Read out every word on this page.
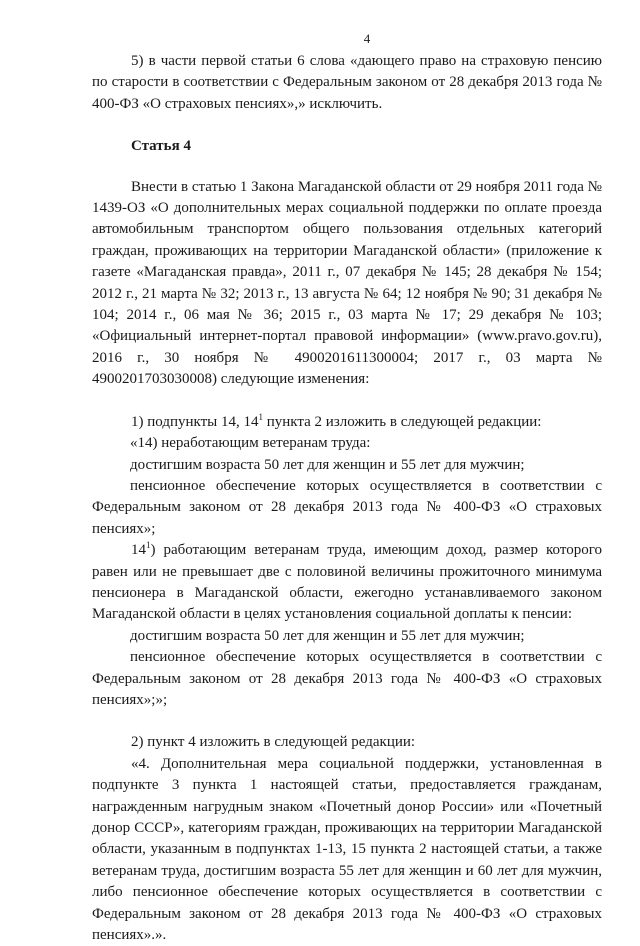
4

5) в части первой статьи 6 слова «дающего право на страховую пенсию по старости в соответствии с Федеральным законом от 28 декабря 2013 года № 400-ФЗ «О страховых пенсиях»,» исключить.

Статья 4

Внести в статью 1 Закона Магаданской области от 29 ноября 2011 года № 1439-ОЗ «О дополнительных мерах социальной поддержки по оплате проезда автомобильным транспортом общего пользования отдельных категорий граждан, проживающих на территории Магаданской области» (приложение к газете «Магаданская правда», 2011 г., 07 декабря № 145; 28 декабря № 154; 2012 г., 21 марта № 32; 2013 г., 13 августа № 64; 12 ноября № 90; 31 декабря № 104; 2014 г., 06 мая № 36; 2015 г., 03 марта № 17; 29 декабря № 103; «Официальный интернет-портал правовой информации» (www.pravo.gov.ru), 2016 г., 30 ноября № 4900201611300004; 2017 г., 03 марта № 4900201703030008) следующие изменения:

1) подпункты 14, $14^1$ пункта 2 изложить в следующей редакции:

«14) неработающим ветеранам труда:

достигшим возраста 50 лет для женщин и 55 лет для мужчин;

пенсионное обеспечение которых осуществляется в соответствии с Федеральным законом от 28 декабря 2013 года № 400-ФЗ «О страховых пенсиях»;

$14^1$) работающим ветеранам труда, имеющим доход, размер которого равен или не превышает две с половиной величины прожиточного минимума пенсионера в Магаданской области, ежегодно устанавливаемого законом Магаданской области в целях установления социальной доплаты к пенсии:

достигшим возраста 50 лет для женщин и 55 лет для мужчин;

пенсионное обеспечение которых осуществляется в соответствии с Федеральным законом от 28 декабря 2013 года № 400-ФЗ «О страховых пенсиях»;»;

2) пункт 4 изложить в следующей редакции:

«4. Дополнительная мера социальной поддержки, установленная в подпункте 3 пункта 1 настоящей статьи, предоставляется гражданам, награжденным нагрудным знаком «Почетный донор России» или «Почетный донор СССР», категориям граждан, проживающих на территории Магаданской области, указанным в подпунктах 1-13, 15 пункта 2 настоящей статьи, а также ветеранам труда, достигшим возраста 55 лет для женщин и 60 лет для мужчин, либо пенсионное обеспечение которых осуществляется в соответствии с Федеральным законом от 28 декабря 2013 года № 400-ФЗ «О страховых пенсиях».».
